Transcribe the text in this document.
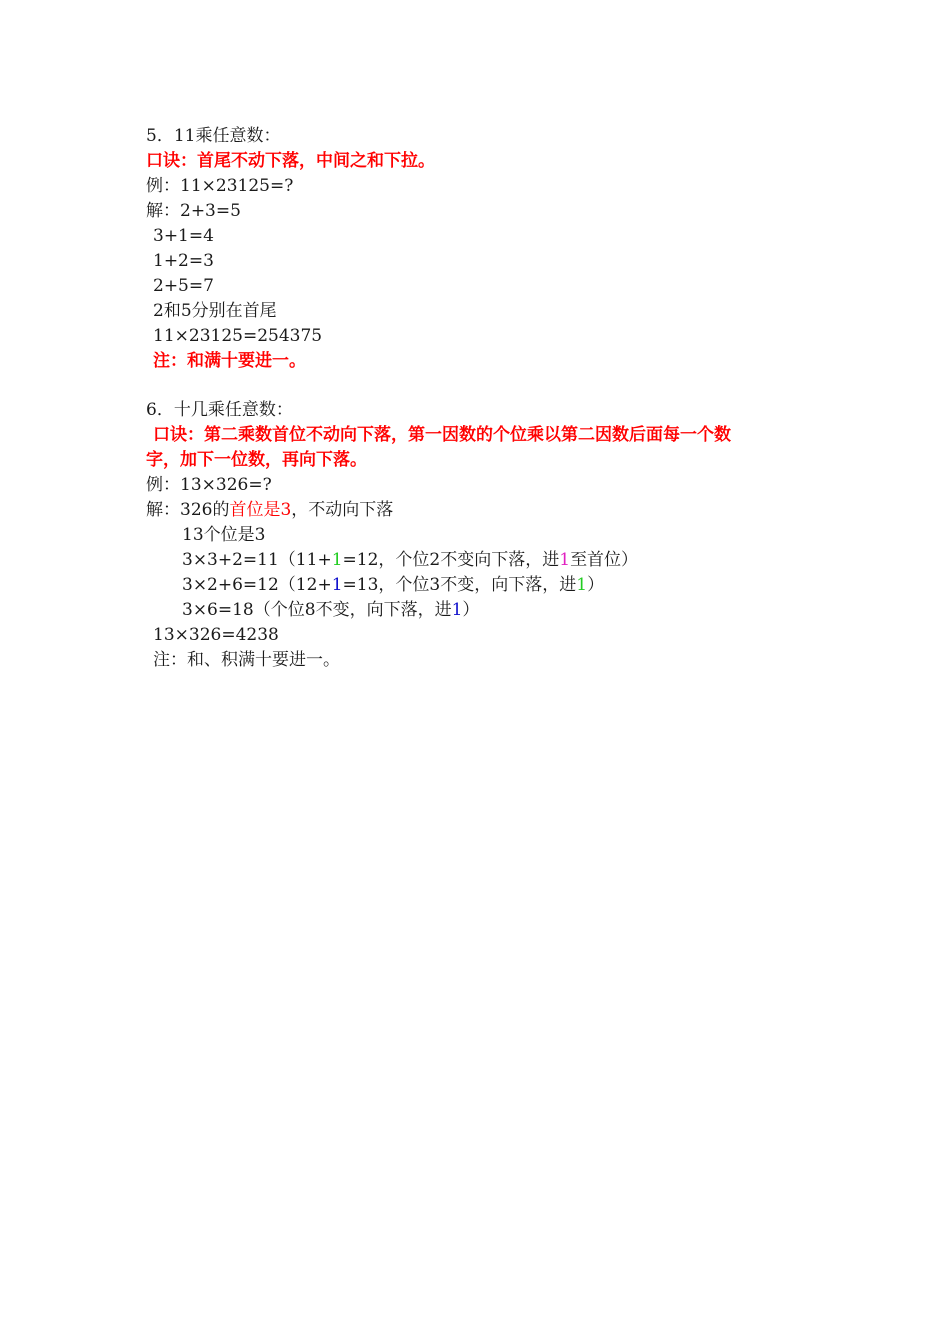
5．11乘任意数：
口诀：首尾不动下落，中间之和下拉。
例：11×23125=?
解：2+3=5
3+1=4
1+2=3
2+5=7
2和5分别在首尾
11×23125=254375
注：和满十要进一。
6．十几乘任意数：
口诀：第二乘数首位不动向下落，第一因数的个位乘以第二因数后面每一个数
字，加下一位数，再向下落。
例：13×326=?
解：326的首位是3，不动向下落
13个位是3
3×3+2=11（11+1=12，个位2不变向下落，进1至首位）
3×2+6=12（12+1=13，个位3不变，向下落，进1）
3×6=18（个位8不变，向下落，进1）
13×326=4238
注：和、积满十要进一。
